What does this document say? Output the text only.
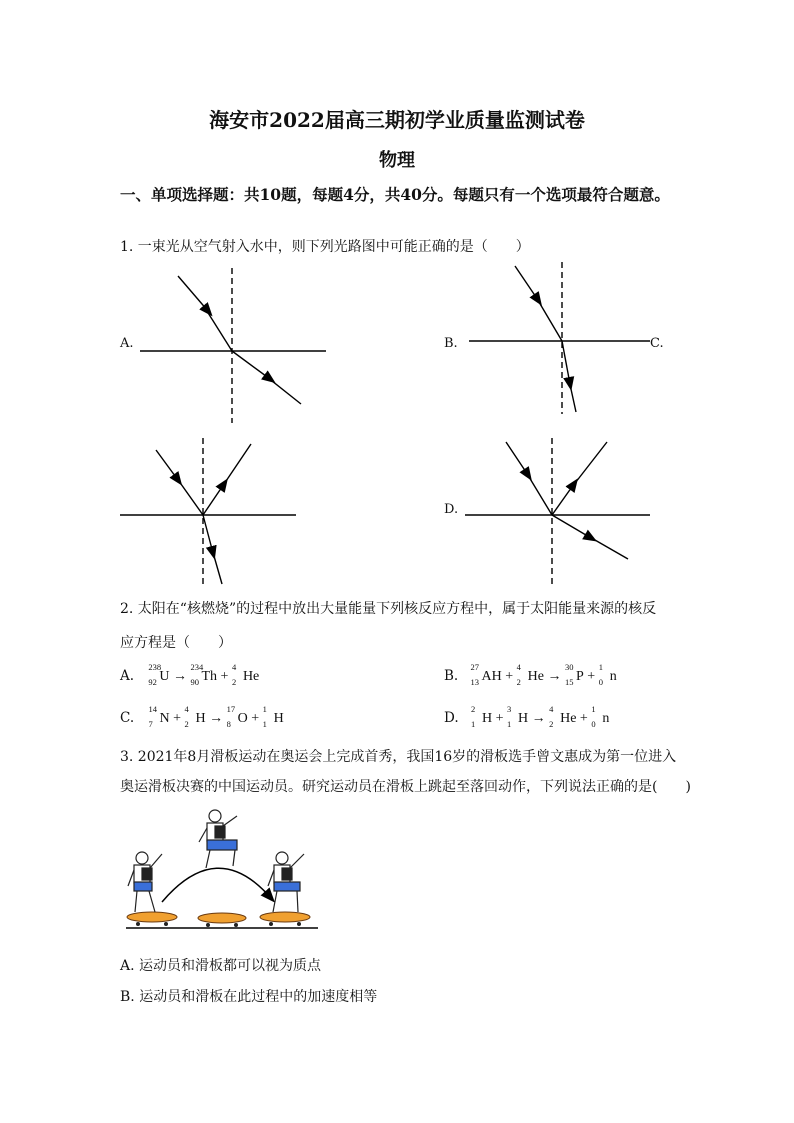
海安市2022届高三期初学业质量监测试卷
物理
一、单项选择题：共10题，每题4分，共40分。每题只有一个选项最符合题意。
1. 一束光从空气射入水中，则下列光路图中可能正确的是（　　）
A.	B.	C.
D.
2. 太阳在“核燃烧”的过程中放出大量能量下列核反应方程中，属于太阳能量来源的核反
应方程是（　　）
A.
238
92 U →
234
90 Th +
4
2 He	B.
27
13 AH +
4
2 He →
30
15 P +
1
0 n
C.
14
7 N +
4
2 H →
17
8 O +
1
1 H	D.
2
1 H +
3
1 H →
4
2 He +
1
0 n
3. 2021年8月滑板运动在奥运会上完成首秀，我国16岁的滑板选手曾文惠成为第一位进入
奥运滑板决赛的中国运动员。研究运动员在滑板上跳起至落回动作，下列说法正确的是(　　)
A. 运动员和滑板都可以视为质点
B. 运动员和滑板在此过程中的加速度相等
